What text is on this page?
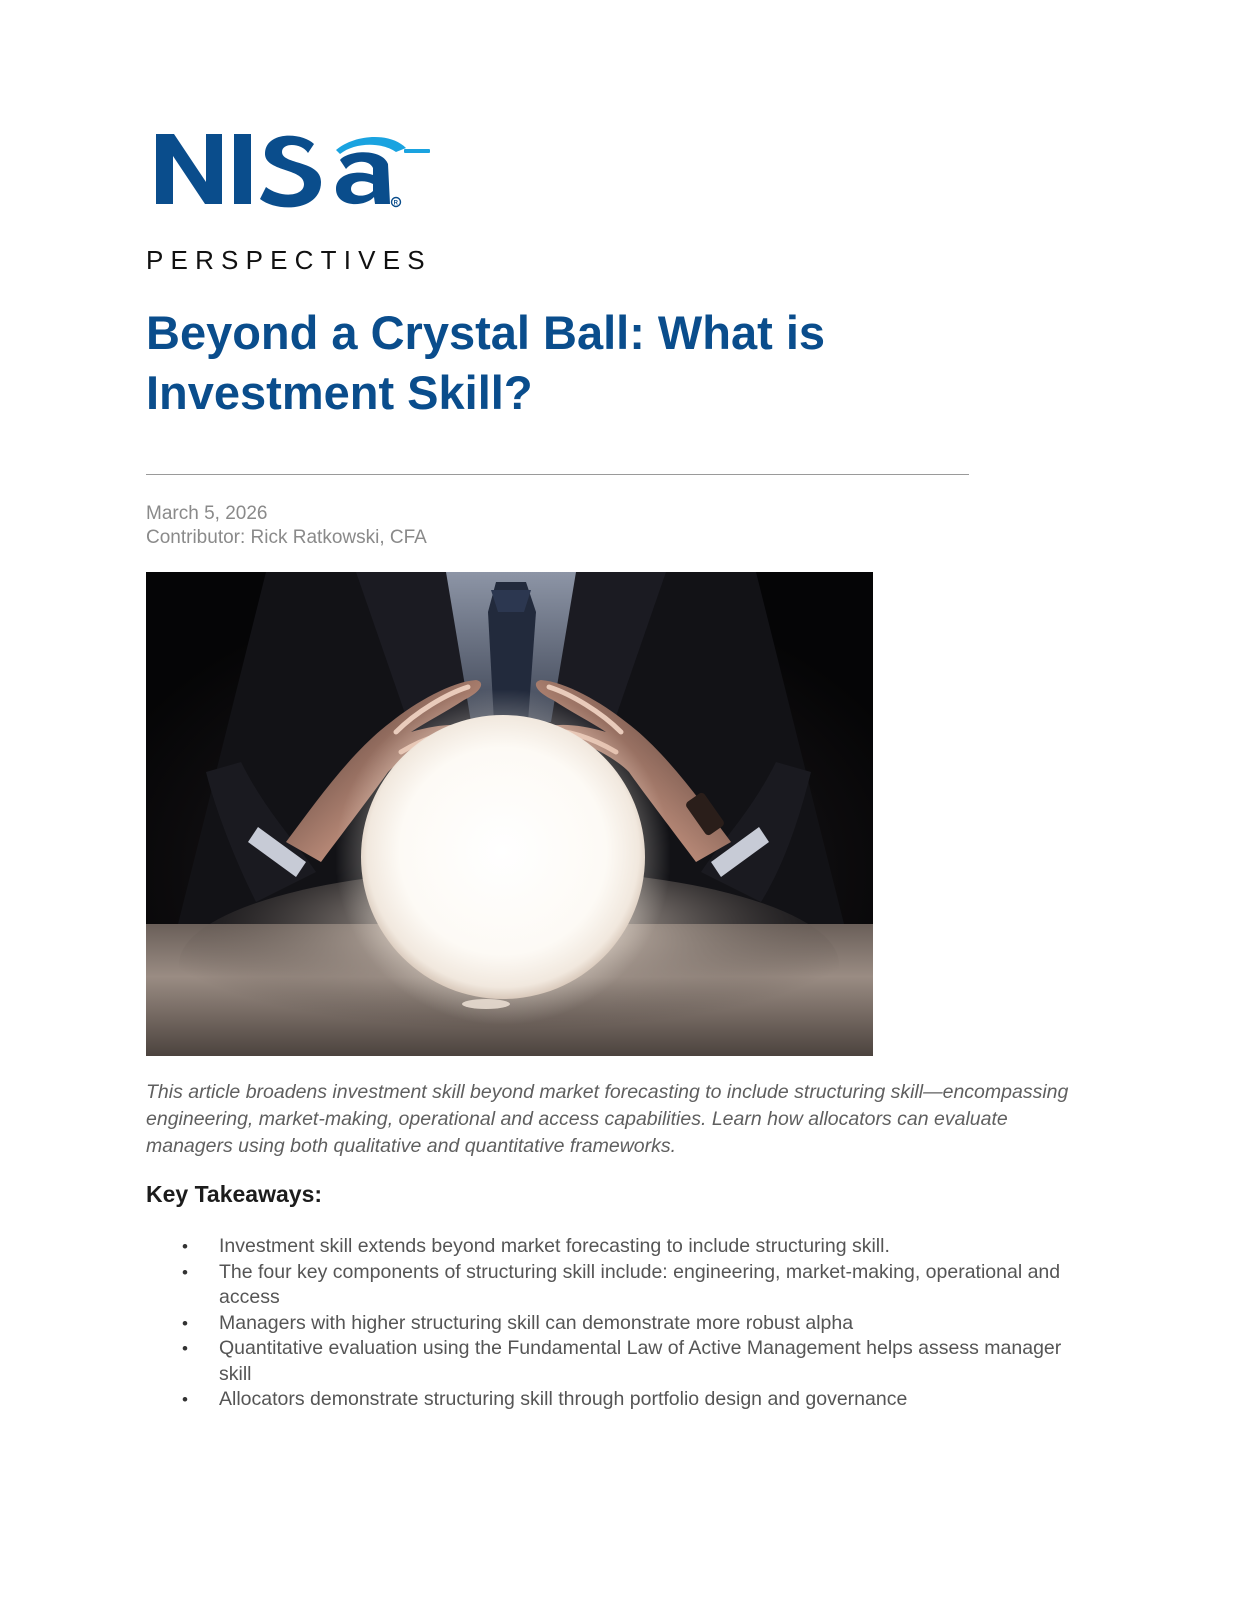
R
PERSPECTIVES
Beyond a Crystal Ball: What is Investment Skill?
March 5, 2026
Contributor: Rick Ratkowski, CFA

This article broadens investment skill beyond market forecasting to include structuring skill—encompassing engineering, market-making, operational and access capabilities. Learn how allocators can evaluate managers using both qualitative and quantitative frameworks.

Key Takeaways:
• Investment skill extends beyond market forecasting to include structuring skill.
• The four key components of structuring skill include: engineering, market-making, operational and access
• Managers with higher structuring skill can demonstrate more robust alpha
• Quantitative evaluation using the Fundamental Law of Active Management helps assess manager skill
• Allocators demonstrate structuring skill through portfolio design and governance
